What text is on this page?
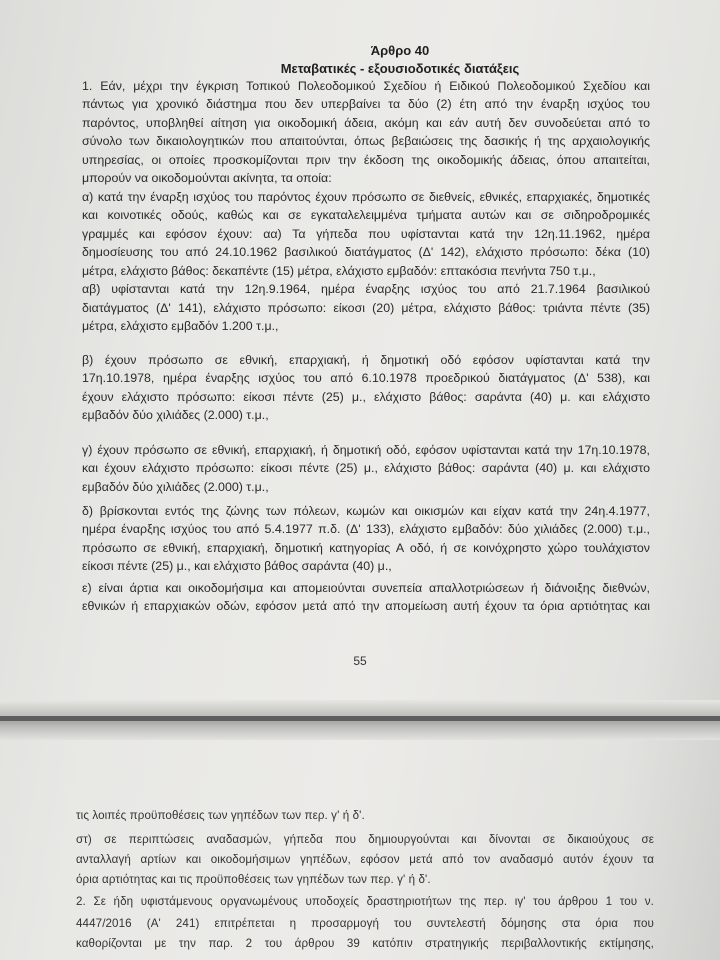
Άρθρο 40
Μεταβατικές - εξουσιοδοτικές διατάξεις
1. Εάν, μέχρι την έγκριση Τοπικού Πολεοδομικού Σχεδίου ή Ειδικού Πολεοδομικού Σχεδίου και
πάντως για χρονικό διάστημα που δεν υπερβαίνει τα δύο (2) έτη από την έναρξη ισχύος του
παρόντος, υποβληθεί αίτηση για οικοδομική άδεια, ακόμη και εάν αυτή δεν συνοδεύεται από το
σύνολο των δικαιολογητικών που απαιτούνται, όπως βεβαιώσεις της δασικής ή της αρχαιολογικής
υπηρεσίας, οι οποίες προσκομίζονται πριν την έκδοση της οικοδομικής άδειας, όπου απαιτείται,
μπορούν να οικοδομούνται ακίνητα, τα οποία:
α) κατά την έναρξη ισχύος του παρόντος έχουν πρόσωπο σε διεθνείς, εθνικές, επαρχιακές, δημοτικές
και κοινοτικές οδούς, καθώς και σε εγκαταλελειμμένα τμήματα αυτών και σε σιδηροδρομικές
γραμμές και εφόσον έχουν: αα) Τα γήπεδα που υφίστανται κατά την 12η.11.1962, ημέρα
δημοσίευσης του από 24.10.1962 βασιλικού διατάγματος (Δ' 142), ελάχιστο πρόσωπο: δέκα (10)
μέτρα, ελάχιστο βάθος: δεκαπέντε (15) μέτρα, ελάχιστο εμβαδόν: επτακόσια πενήντα 750 τ.μ.,
αβ) υφίστανται κατά την 12η.9.1964, ημέρα έναρξης ισχύος του από 21.7.1964 βασιλικού
διατάγματος (Δ' 141), ελάχιστο πρόσωπο: είκοσι (20) μέτρα, ελάχιστο βάθος: τριάντα πέντε (35)
μέτρα, ελάχιστο εμβαδόν 1.200 τ.μ.,
β) έχουν πρόσωπο σε εθνική, επαρχιακή, ή δημοτική οδό εφόσον υφίστανται κατά την
17η.10.1978, ημέρα έναρξης ισχύος του από 6.10.1978 προεδρικού διατάγματος (Δ' 538), και
έχουν ελάχιστο πρόσωπο: είκοσι πέντε (25) μ., ελάχιστο βάθος: σαράντα (40) μ. και ελάχιστο
εμβαδόν δύο χιλιάδες (2.000) τ.μ.,
γ) έχουν πρόσωπο σε εθνική, επαρχιακή, ή δημοτική οδό, εφόσον υφίστανται κατά την 17η.10.1978,
και έχουν ελάχιστο πρόσωπο: είκοσι πέντε (25) μ., ελάχιστο βάθος: σαράντα (40) μ. και ελάχιστο
εμβαδόν δύο χιλιάδες (2.000) τ.μ.,
δ) βρίσκονται εντός της ζώνης των πόλεων, κωμών και οικισμών και είχαν κατά την 24η.4.1977,
ημέρα έναρξης ισχύος του από 5.4.1977 π.δ. (Δ' 133), ελάχιστο εμβαδόν: δύο χιλιάδες (2.000) τ.μ.,
πρόσωπο σε εθνική, επαρχιακή, δημοτική κατηγορίας Α οδό, ή σε κοινόχρηστο χώρο τουλάχιστον
είκοσι πέντε (25) μ., και ελάχιστο βάθος σαράντα (40) μ.,
ε) είναι άρτια και οικοδομήσιμα και απομειούνται συνεπεία απαλλοτριώσεων ή διάνοιξης διεθνών,
εθνικών ή επαρχιακών οδών, εφόσον μετά από την απομείωση αυτή έχουν τα όρια αρτιότητας και
55
τις λοιπές προϋποθέσεις των γηπέδων των περ. γ' ή δ'.
στ) σε περιπτώσεις αναδασμών, γήπεδα που δημιουργούνται και δίνονται σε δικαιούχους σε
ανταλλαγή αρτίων και οικοδομήσιμων γηπέδων, εφόσον μετά από τον αναδασμό αυτόν έχουν τα
όρια αρτιότητας και τις προϋποθέσεις των γηπέδων των περ. γ' ή δ'.
2. Σε ήδη υφιστάμενους οργανωμένους υποδοχείς δραστηριοτήτων της περ. ιγ' του άρθρου 1 του ν.
4447/2016 (Α' 241) επιτρέπεται η προσαρμογή του συντελεστή δόμησης στα όρια που
καθορίζονται με την παρ. 2 του άρθρου 39 κατόπιν στρατηγικής περιβαλλοντικής εκτίμησης,
